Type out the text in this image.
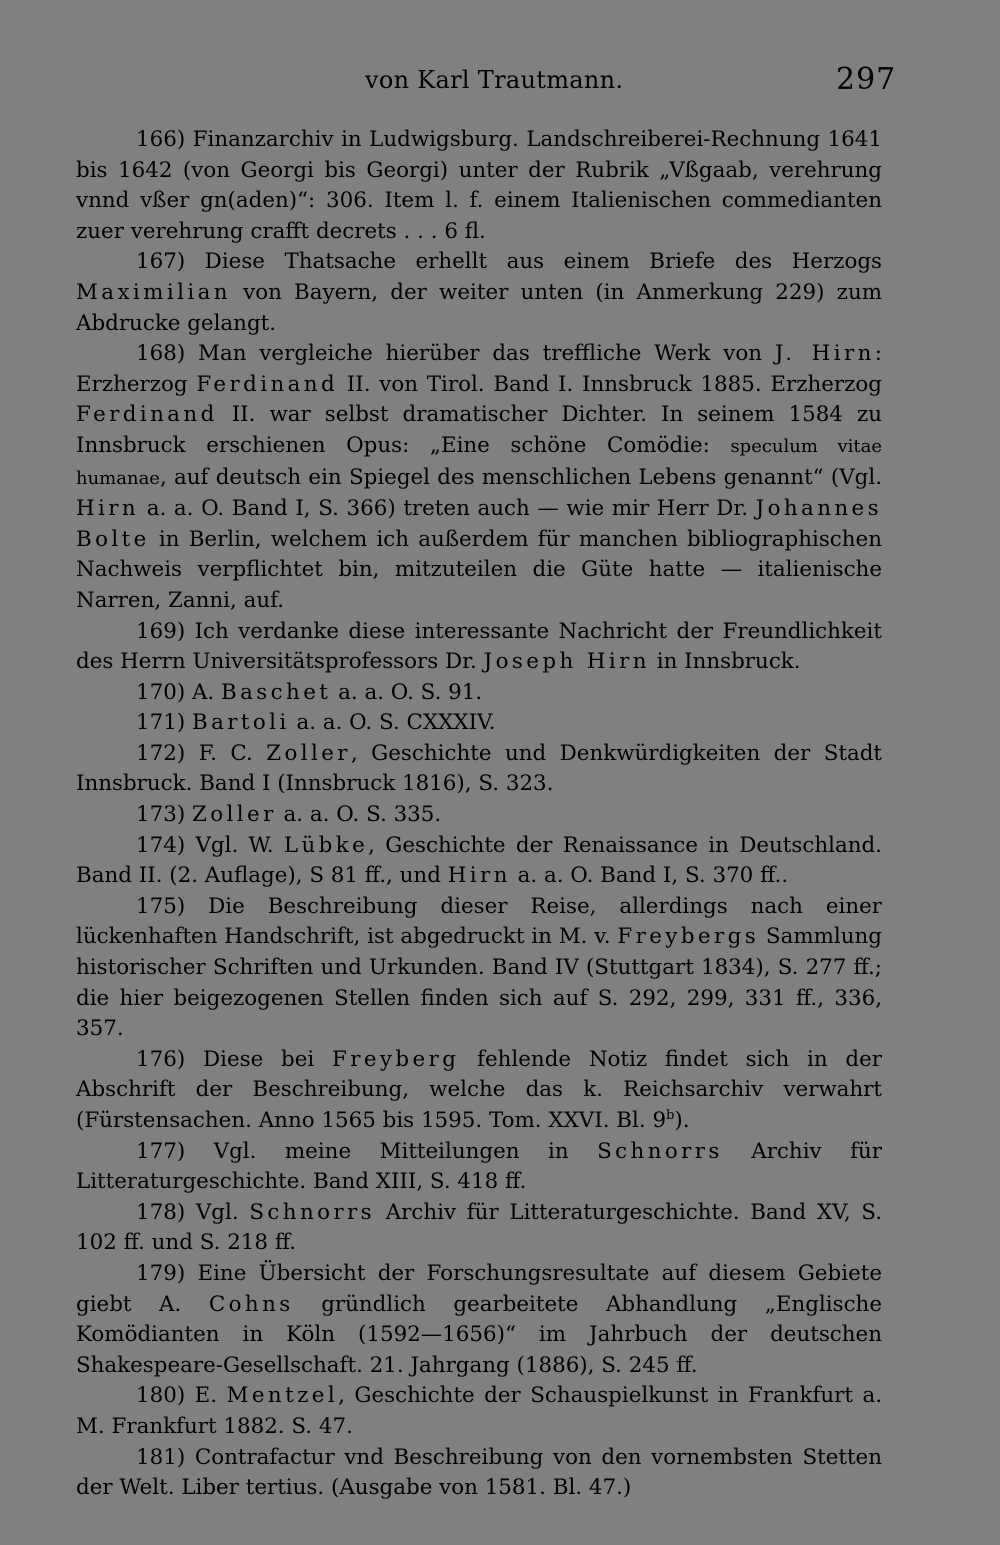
von Karl Trautmann.	297

166) Finanzarchiv in Ludwigsburg. Landschreiberei-Rechnung 1641 bis 1642 (von Georgi bis Georgi) unter der Rubrik „Vßgaab, verehrung vnnd vßer gn(aden)“: 306. Item l. f. einem Italienischen commedianten zuer verehrung crafft decrets . . . 6 fl.

167) Diese Thatsache erhellt aus einem Briefe des Herzogs Maximilian von Bayern, der weiter unten (in Anmerkung 229) zum Abdrucke gelangt.

168) Man vergleiche hierüber das treffliche Werk von J. Hirn: Erzherzog Ferdinand II. von Tirol. Band I. Innsbruck 1885. Erzherzog Ferdinand II. war selbst dramatischer Dichter. In seinem 1584 zu Innsbruck erschienen Opus: „Eine schöne Comödie: speculum vitae humanae, auf deutsch ein Spiegel des menschlichen Lebens genannt“ (Vgl. Hirn a. a. O. Band I, S. 366) treten auch — wie mir Herr Dr. Johannes Bolte in Berlin, welchem ich außerdem für manchen bibliographischen Nachweis verpflichtet bin, mitzuteilen die Güte hatte — italienische Narren, Zanni, auf.

169) Ich verdanke diese interessante Nachricht der Freundlichkeit des Herrn Universitätsprofessors Dr. Joseph Hirn in Innsbruck.

170) A. Baschet a. a. O. S. 91.

171) Bartoli a. a. O. S. CXXXIV.

172) F. C. Zoller, Geschichte und Denkwürdigkeiten der Stadt Innsbruck. Band I (Innsbruck 1816), S. 323.

173) Zoller a. a. O. S. 335.

174) Vgl. W. Lübke, Geschichte der Renaissance in Deutschland. Band II. (2. Auflage), S 81 ff., und Hirn a. a. O. Band I, S. 370 ff..

175) Die Beschreibung dieser Reise, allerdings nach einer lückenhaften Handschrift, ist abgedruckt in M. v. Freybergs Sammlung historischer Schriften und Urkunden. Band IV (Stuttgart 1834), S. 277 ff.; die hier beigezogenen Stellen finden sich auf S. 292, 299, 331 ff., 336, 357.

176) Diese bei Freyberg fehlende Notiz findet sich in der Abschrift der Beschreibung, welche das k. Reichsarchiv verwahrt (Fürstensachen. Anno 1565 bis 1595. Tom. XXVI. Bl. 9$^b$).

177) Vgl. meine Mitteilungen in Schnorrs Archiv für Litteraturgeschichte. Band XIII, S. 418 ff.

178) Vgl. Schnorrs Archiv für Litteraturgeschichte. Band XV, S. 102 ff. und S. 218 ff.

179) Eine Übersicht der Forschungsresultate auf diesem Gebiete giebt A. Cohns gründlich gearbeitete Abhandlung „Englische Komödianten in Köln (1592—1656)“ im Jahrbuch der deutschen Shakespeare-Gesellschaft. 21. Jahrgang (1886), S. 245 ff.

180) E. Mentzel, Geschichte der Schauspielkunst in Frankfurt a. M. Frankfurt 1882. S. 47.

181) Contrafactur vnd Beschreibung von den vornembsten Stetten der Welt. Liber tertius. (Ausgabe von 1581. Bl. 47.)
